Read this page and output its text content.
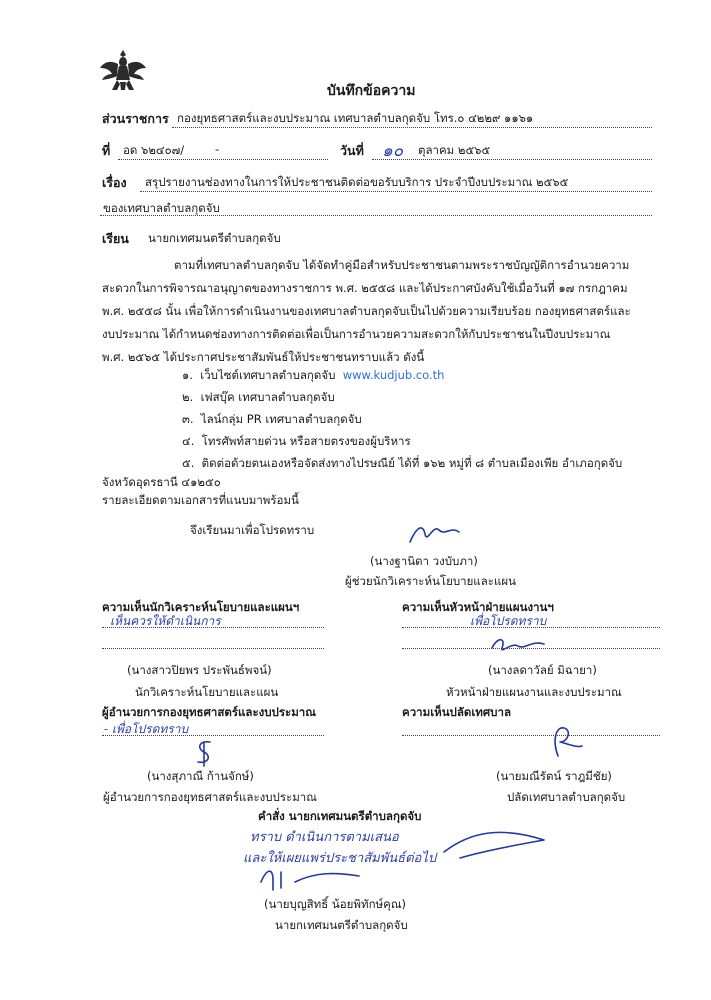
บันทึกข้อความ
ส่วนราชการ กองยุทธศาสตร์และงบประมาณ เทศบาลตำบลกุดจับ โทร.๐ ๔๒๒๙ ๑๑๖๑
ที่ อด ๖๒๔๐๗/	-	วันที่ ๑๐ ตุลาคม ๒๕๖๕
เรื่อง สรุปรายงานช่องทางในการให้ประชาชนติดต่อขอรับบริการ ประจำปีงบประมาณ ๒๕๖๕
ของเทศบาลตำบลกุดจับ
เรียน นายกเทศมนตรีตำบลกุดจับ
ตามที่เทศบาลตำบลกุดจับ ได้จัดทำคู่มือสำหรับประชาชนตามพระราชบัญญัติการอำนวยความ
สะดวกในการพิจารณาอนุญาตของทางราชการ พ.ศ. ๒๕๕๘ และได้ประกาศบังคับใช้เมื่อวันที่ ๑๗ กรกฎาคม
พ.ศ. ๒๕๕๘ นั้น เพื่อให้การดำเนินงานของเทศบาลตำบลกุดจับเป็นไปด้วยความเรียบร้อย กองยุทธศาสตร์และ
งบประมาณ ได้กำหนดช่องทางการติดต่อเพื่อเป็นการอำนวยความสะดวกให้กับประชาชนในปีงบประมาณ
พ.ศ. ๒๕๖๕ ได้ประกาศประชาสัมพันธ์ให้ประชาชนทราบแล้ว ดังนี้
๑. เว็บไซต์เทศบาลตำบลกุดจับ www.kudjub.co.th
๒. เฟสบุ๊ค เทศบาลตำบลกุดจับ
๓. ไลน์กลุ่ม PR เทศบาลตำบลกุดจับ
๔. โทรศัพท์สายด่วน หรือสายตรงของผู้บริหาร
๕. ติดต่อด้วยตนเองหรือจัดส่งทางไปรษณีย์ ได้ที่ ๑๖๒ หมู่ที่ ๘ ตำบลเมืองเพีย อำเภอกุดจับ
จังหวัดอุดรธานี ๔๑๒๕๐
รายละเอียดตามเอกสารที่แนบมาพร้อมนี้
จึงเรียนมาเพื่อโปรดทราบ
(นางฐานิดา วงบับภา)
ผู้ช่วยนักวิเคราะห์นโยบายและแผน
ความเห็นนักวิเคราะห์นโยบายและแผนฯ
เห็นควรให้ดำเนินการ
(นางสาวปิยพร ประพันธ์พจน์)
นักวิเคราะห์นโยบายและแผน
ความเห็นหัวหน้าฝ่ายแผนงานฯ
เพื่อโปรดทราบ
(นางลดาวัลย์ มิฉายา)
หัวหน้าฝ่ายแผนงานและงบประมาณ
ผู้อำนวยการกองยุทธศาสตร์และงบประมาณ
- เพื่อโปรดทราบ
(นางสุภาณี ก้านจักษ์)
ผู้อำนวยการกองยุทธศาสตร์และงบประมาณ
ความเห็นปลัดเทศบาล
(นายมณีรัตน์ ราฎมีชัย)
ปลัดเทศบาลตำบลกุดจับ
คำสั่ง นายกเทศมนตรีตำบลกุดจับ
ทราบ ดำเนินการตามเสนอ
และให้เผยแพร่ประชาสัมพันธ์ต่อไป
(นายบุญสิทธิ์ น้อยพิทักษ์คุณ)
นายกเทศมนตรีตำบลกุดจับ
